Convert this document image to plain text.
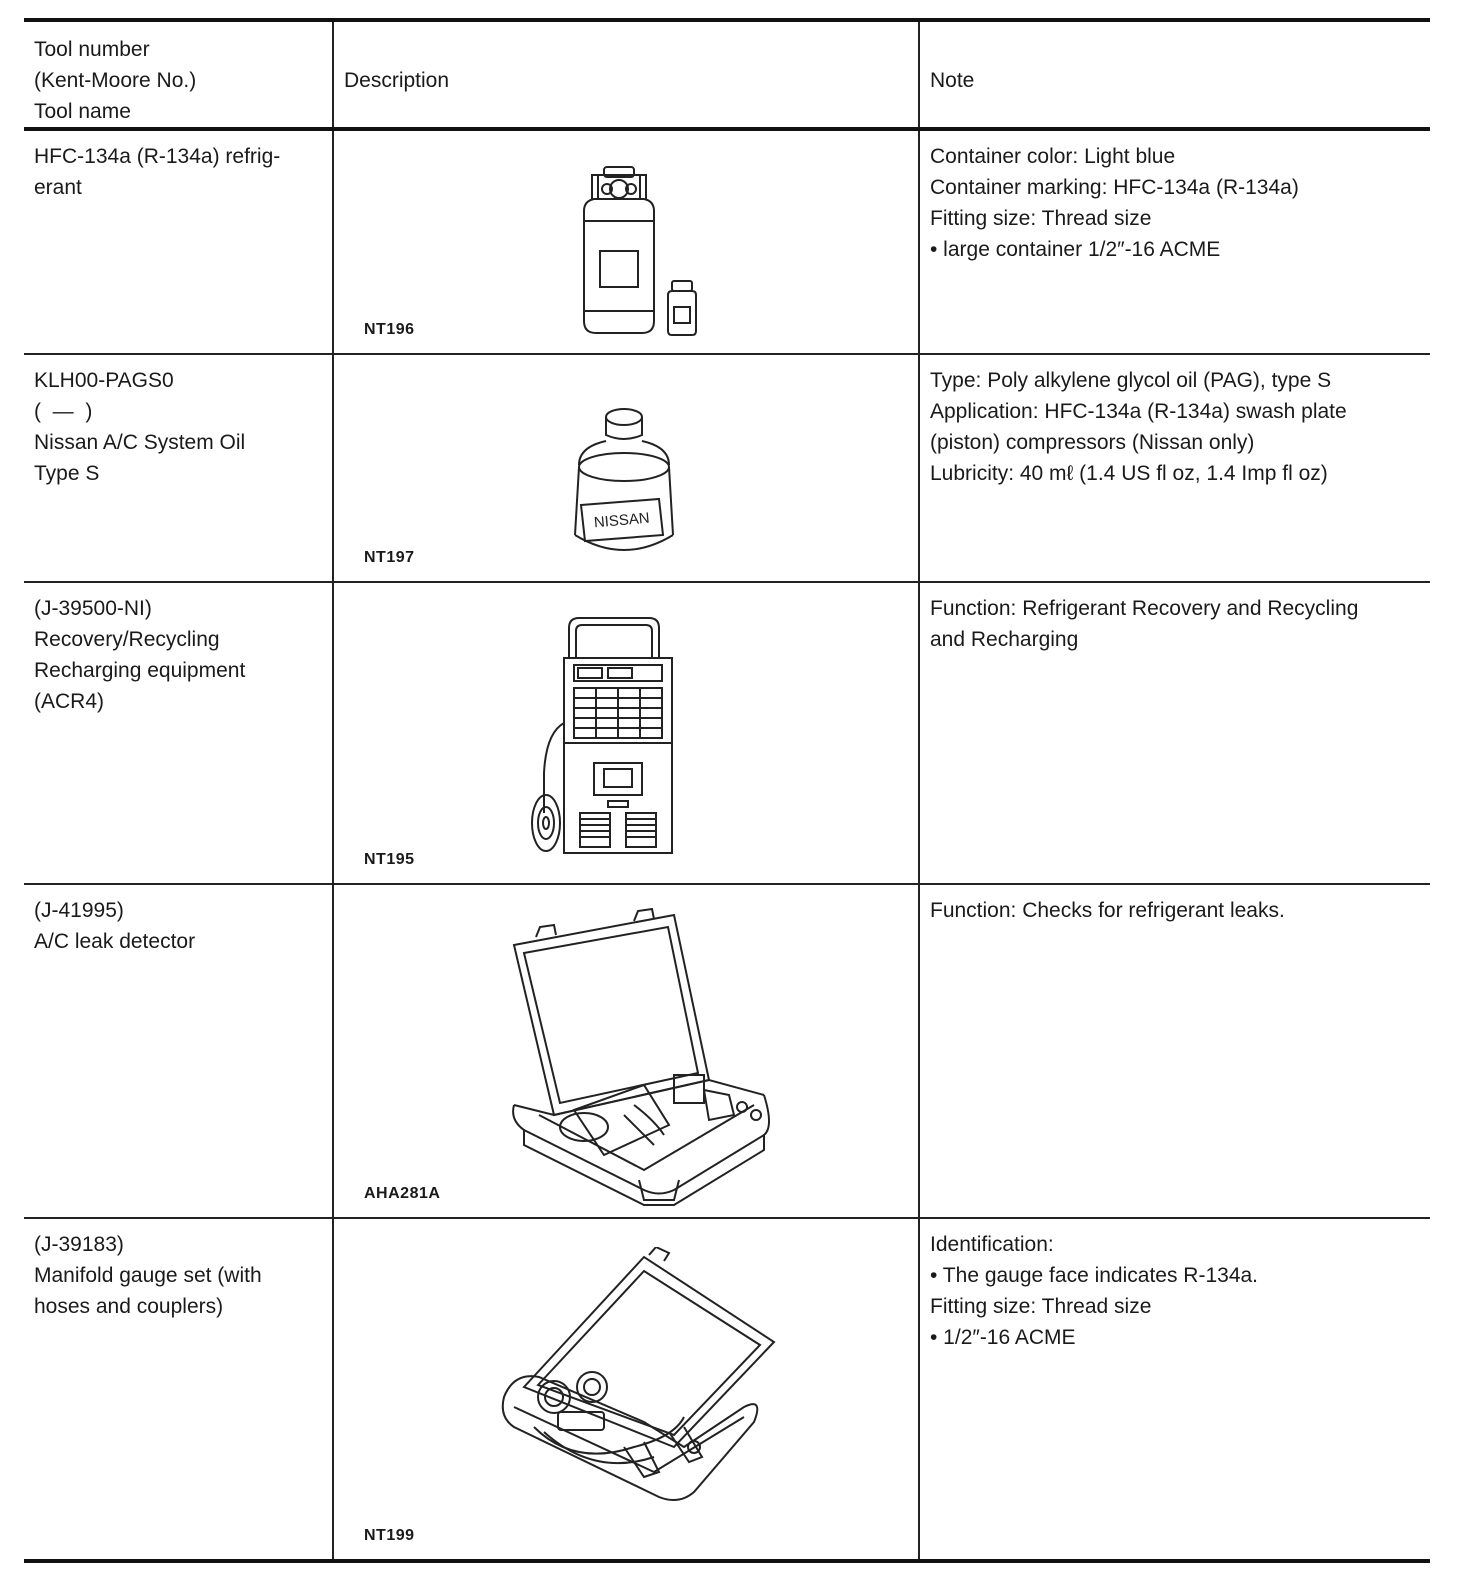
Tool number
(Kent-Moore No.)
Tool name
Description	Note
HFC-134a (R-134a) refrig-
erant
NT196
Container color: Light blue
Container marking: HFC-134a (R-134a)
Fitting size: Thread size
• large container 1/2″-16 ACME
KLH00-PAGS0
(  —  )
Nissan A/C System Oil
Type S
NISSAN
NT197
Type: Poly alkylene glycol oil (PAG), type S
Application: HFC-134a (R-134a) swash plate
(piston) compressors (Nissan only)
Lubricity: 40 mℓ (1.4 US fl oz, 1.4 Imp fl oz)
(J-39500-NI)
Recovery/Recycling
Recharging equipment
(ACR4)
NT195
Function: Refrigerant Recovery and Recycling
and Recharging
(J-41995)
A/C leak detector
AHA281A
Function: Checks for refrigerant leaks.
(J-39183)
Manifold gauge set (with
hoses and couplers)
NT199
Identification:
• The gauge face indicates R-134a.
Fitting size: Thread size
• 1/2″-16 ACME
